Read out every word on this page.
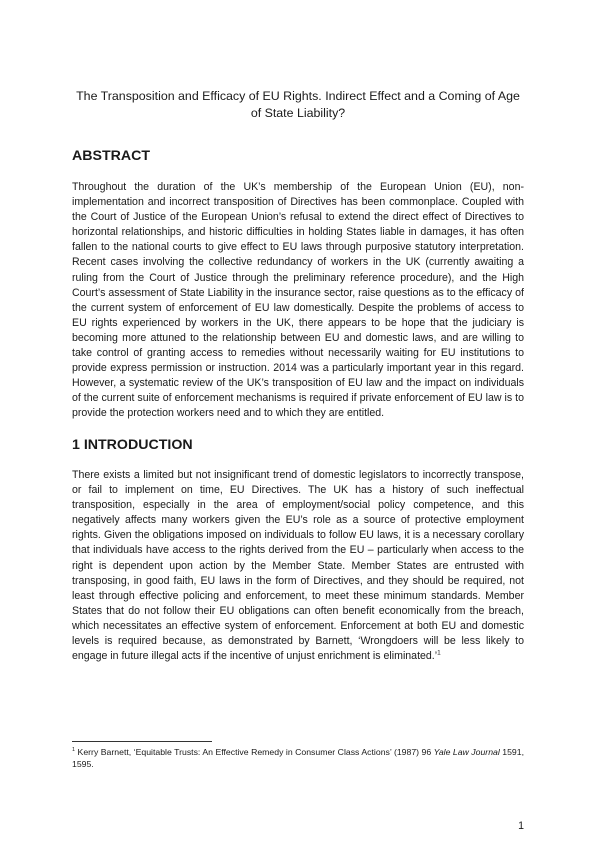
The Transposition and Efficacy of EU Rights. Indirect Effect and a Coming of Age of State Liability?
ABSTRACT
Throughout the duration of the UK’s membership of the European Union (EU), non-implementation and incorrect transposition of Directives has been commonplace. Coupled with the Court of Justice of the European Union’s refusal to extend the direct effect of Directives to horizontal relationships, and historic difficulties in holding States liable in damages, it has often fallen to the national courts to give effect to EU laws through purposive statutory interpretation. Recent cases involving the collective redundancy of workers in the UK (currently awaiting a ruling from the Court of Justice through the preliminary reference procedure), and the High Court’s assessment of State Liability in the insurance sector, raise questions as to the efficacy of the current system of enforcement of EU law domestically. Despite the problems of access to EU rights experienced by workers in the UK, there appears to be hope that the judiciary is becoming more attuned to the relationship between EU and domestic laws, and are willing to take control of granting access to remedies without necessarily waiting for EU institutions to provide express permission or instruction. 2014 was a particularly important year in this regard. However, a systematic review of the UK’s transposition of EU law and the impact on individuals of the current suite of enforcement mechanisms is required if private enforcement of EU law is to provide the protection workers need and to which they are entitled.
1 INTRODUCTION
There exists a limited but not insignificant trend of domestic legislators to incorrectly transpose, or fail to implement on time, EU Directives. The UK has a history of such ineffectual transposition, especially in the area of employment/social policy competence, and this negatively affects many workers given the EU’s role as a source of protective employment rights. Given the obligations imposed on individuals to follow EU laws, it is a necessary corollary that individuals have access to the rights derived from the EU – particularly when access to the right is dependent upon action by the Member State. Member States are entrusted with transposing, in good faith, EU laws in the form of Directives, and they should be required, not least through effective policing and enforcement, to meet these minimum standards. Member States that do not follow their EU obligations can often benefit economically from the breach, which necessitates an effective system of enforcement. Enforcement at both EU and domestic levels is required because, as demonstrated by Barnett, ‘Wrongdoers will be less likely to engage in future illegal acts if the incentive of unjust enrichment is eliminated.’$^1$
$^1$ Kerry Barnett, ‘Equitable Trusts: An Effective Remedy in Consumer Class Actions’ (1987) 96 Yale Law Journal 1591, 1595.
1
